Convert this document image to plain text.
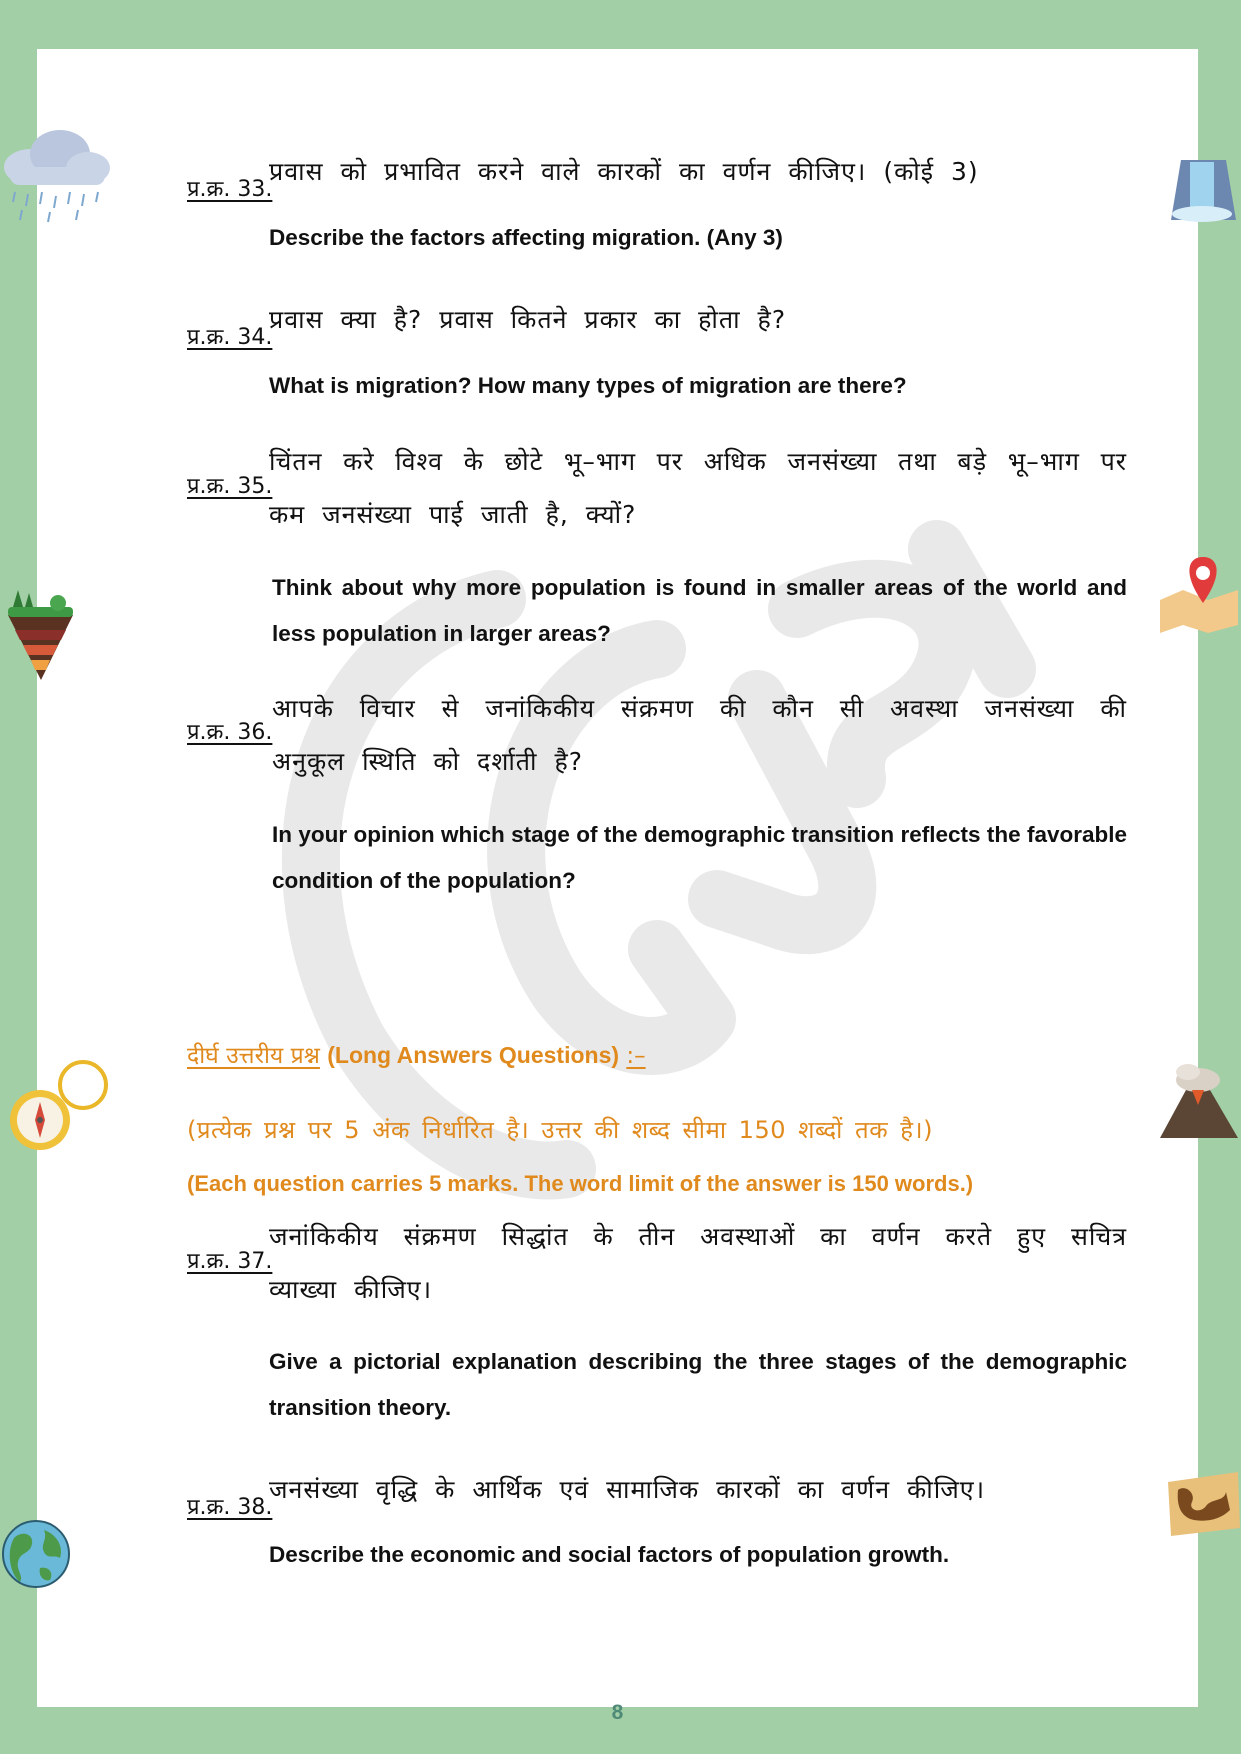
प्र.क्र. 33.
प्रवास को प्रभावित करने वाले कारकों का वर्णन कीजिए। (कोई 3)
Describe the factors affecting migration. (Any 3)
प्र.क्र. 34.
प्रवास क्या है? प्रवास कितने प्रकार का होता है?
What is migration? How many types of migration are there?
प्र.क्र. 35.
चिंतन करे विश्व के छोटे भू–भाग पर अधिक जनसंख्या तथा बड़े भू–भाग पर कम जनसंख्या पाई जाती है, क्यों?
Think about why more population is found in smaller areas of the world and less population in larger areas?
प्र.क्र. 36.
आपके विचार से जनांकिकीय संक्रमण की कौन सी अवस्था जनसंख्या की अनुकूल स्थिति को दर्शाती है?
In your opinion which stage of the demographic transition reflects the favorable condition of the population?
दीर्घ उत्तरीय प्रश्न (Long Answers Questions) :–
(प्रत्येक प्रश्न पर 5 अंक निर्धारित है। उत्तर की शब्द सीमा 150 शब्दों तक है।)
(Each question carries 5 marks. The word limit of the answer is 150 words.)
प्र.क्र. 37.
जनांकिकीय संक्रमण सिद्धांत के तीन अवस्थाओं का वर्णन करते हुए सचित्र व्याख्या कीजिए।
Give a pictorial explanation describing the three stages of the demographic transition theory.
प्र.क्र. 38.
जनसंख्या वृद्धि के आर्थिक एवं सामाजिक कारकों का वर्णन कीजिए।
Describe the economic and social factors of population growth.
8
